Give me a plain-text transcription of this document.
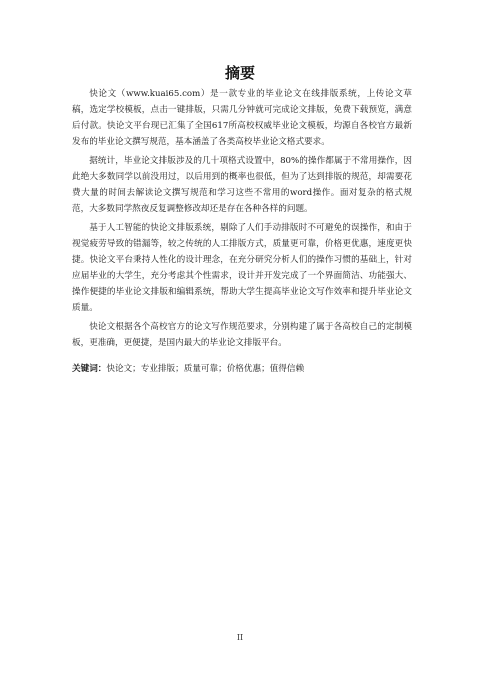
摘要

快论文（www.kuai65.com）是一款专业的毕业论文在线排版系统，上传论文草稿，选定学校模板，点击一键排版，只需几分钟就可完成论文排版，免费下载预览，满意后付款。快论文平台现已汇集了全国617所高校权威毕业论文模板，均源自各校官方最新发布的毕业论文撰写规范，基本涵盖了各类高校毕业论文格式要求。

据统计，毕业论文排版涉及的几十项格式设置中，80%的操作都属于不常用操作，因此绝大多数同学以前没用过，以后用到的概率也很低，但为了达到排版的规范，却需要花费大量的时间去解读论文撰写规范和学习这些不常用的word操作。面对复杂的格式规范，大多数同学熬夜反复调整修改却还是存在各种各样的问题。

基于人工智能的快论文排版系统，剔除了人们手动排版时不可避免的误操作，和由于视觉疲劳导致的错漏等，较之传统的人工排版方式，质量更可靠，价格更优惠，速度更快捷。快论文平台秉持人性化的设计理念，在充分研究分析人们的操作习惯的基础上，针对应届毕业的大学生，充分考虑其个性需求，设计并开发完成了一个界面简洁、功能强大、操作便捷的毕业论文排版和编辑系统，帮助大学生提高毕业论文写作效率和提升毕业论文质量。

快论文根据各个高校官方的论文写作规范要求，分别构建了属于各高校自己的定制模板，更准确，更便捷，是国内最大的毕业论文排版平台。

关键词：快论文；专业排版；质量可靠；价格优惠；值得信赖
II
